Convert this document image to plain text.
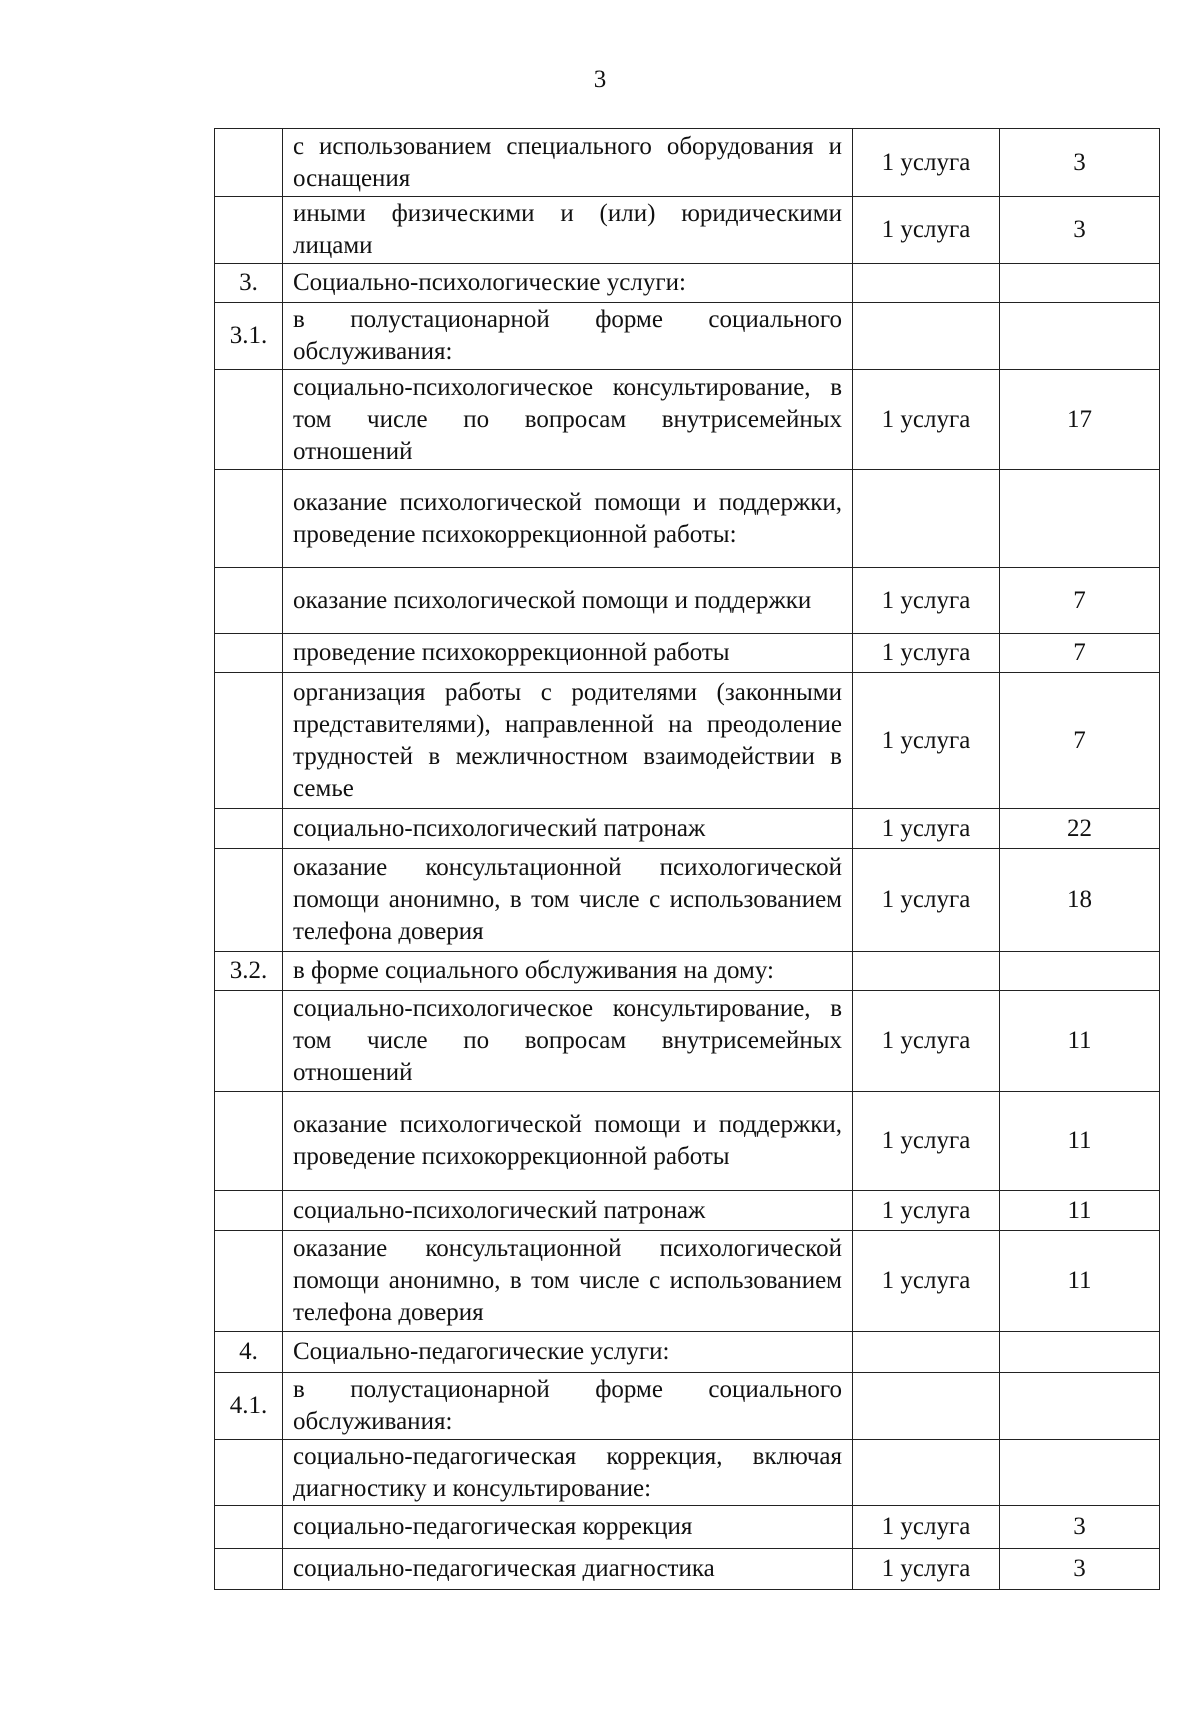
3
	с использованием специального оборудования и оснащения	1 услуга	3
	иными физическими и (или) юридическими лицами	1 услуга	3
3.	Социально-психологические услуги:		
3.1.	в полустационарной форме социального обслуживания:		
	социально-психологическое консультирование, в том числе по вопросам внутрисемейных отношений	1 услуга	17
	оказание психологической помощи и поддержки, проведение психокоррекционной работы:		
	оказание психологической помощи и поддержки	1 услуга	7
	проведение психокоррекционной работы	1 услуга	7
	организация работы с родителями (законными представителями), направленной на преодоление трудностей в межличностном взаимодействии в семье	1 услуга	7
	социально-психологический патронаж	1 услуга	22
	оказание консультационной психологической помощи анонимно, в том числе с использованием телефона доверия	1 услуга	18
3.2.	в форме социального обслуживания на дому:		
	социально-психологическое консультирование, в том числе по вопросам внутрисемейных отношений	1 услуга	11
	оказание психологической помощи и поддержки, проведение психокоррекционной работы	1 услуга	11
	социально-психологический патронаж	1 услуга	11
	оказание консультационной психологической помощи анонимно, в том числе с использованием телефона доверия	1 услуга	11
4.	Социально-педагогические услуги:		
4.1.	в полустационарной форме социального обслуживания:		
	социально-педагогическая коррекция, включая диагностику и консультирование:		
	социально-педагогическая коррекция	1 услуга	3
	социально-педагогическая диагностика	1 услуга	3
